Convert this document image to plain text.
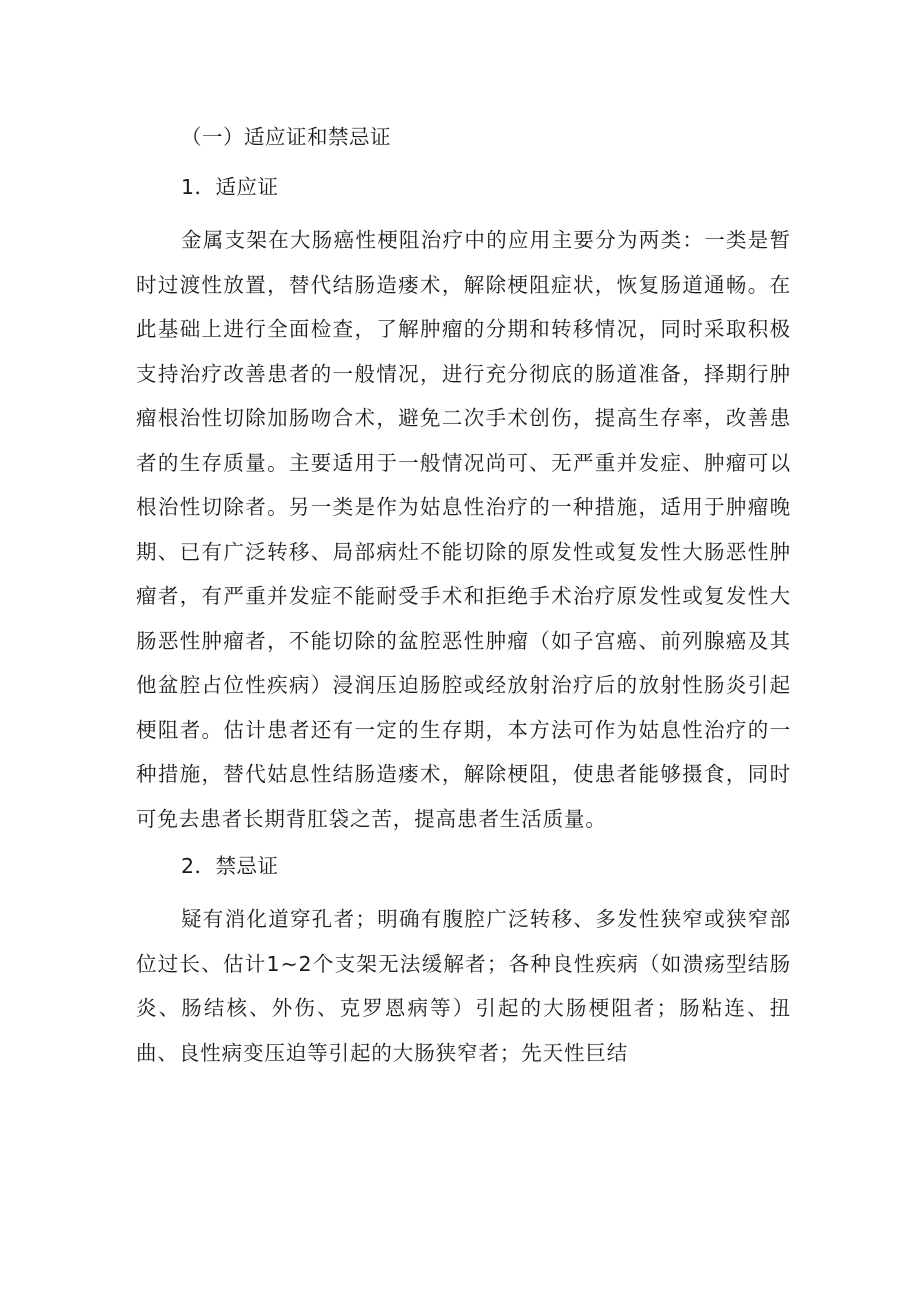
（一）适应证和禁忌证

1．适应证

金属支架在大肠癌性梗阻治疗中的应用主要分为两类：一类是暂时过渡性放置，替代结肠造瘘术，解除梗阻症状，恢复肠道通畅。在此基础上进行全面检查，了解肿瘤的分期和转移情况，同时采取积极支持治疗改善患者的一般情况，进行充分彻底的肠道准备，择期行肿瘤根治性切除加肠吻合术，避免二次手术创伤，提高生存率，改善患者的生存质量。主要适用于一般情况尚可、无严重并发症、肿瘤可以根治性切除者。另一类是作为姑息性治疗的一种措施，适用于肿瘤晚期、已有广泛转移、局部病灶不能切除的原发性或复发性大肠恶性肿瘤者，有严重并发症不能耐受手术和拒绝手术治疗原发性或复发性大肠恶性肿瘤者，不能切除的盆腔恶性肿瘤（如子宫癌、前列腺癌及其他盆腔占位性疾病）浸润压迫肠腔或经放射治疗后的放射性肠炎引起梗阻者。估计患者还有一定的生存期，本方法可作为姑息性治疗的一种措施，替代姑息性结肠造瘘术，解除梗阻，使患者能够摄食，同时可免去患者长期背肛袋之苦，提高患者生活质量。

2．禁忌证

疑有消化道穿孔者；明确有腹腔广泛转移、多发性狭窄或狭窄部位过长、估计1~2个支架无法缓解者；各种良性疾病（如溃疡型结肠炎、肠结核、外伤、克罗恩病等）引起的大肠梗阻者；肠粘连、扭曲、良性病变压迫等引起的大肠狭窄者；先天性巨结
